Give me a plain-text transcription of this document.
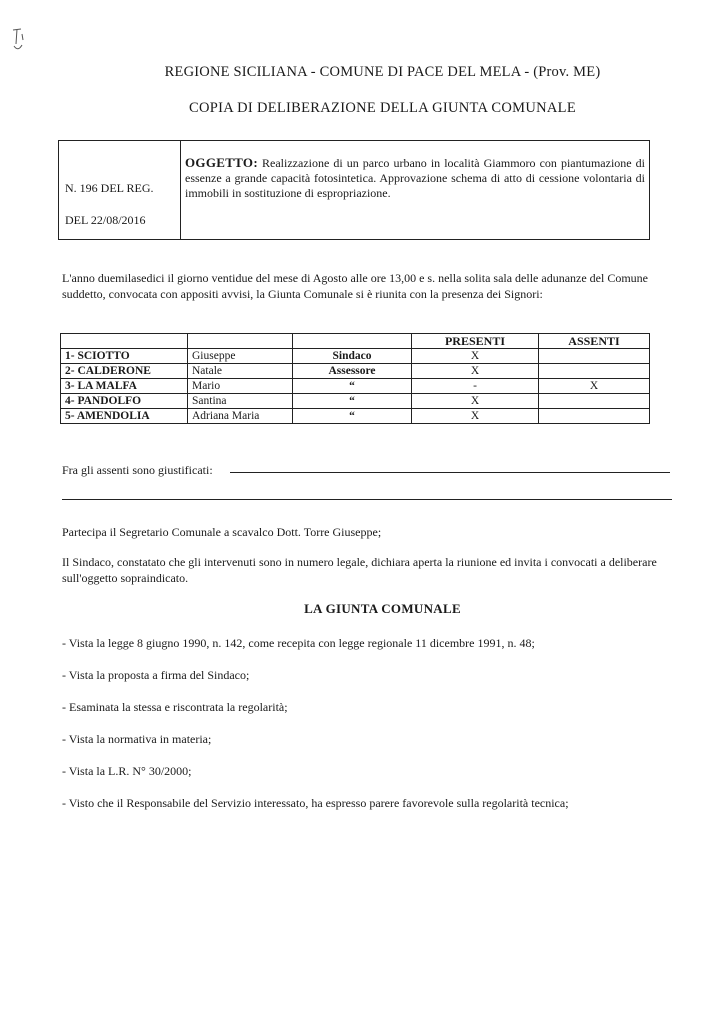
REGIONE SICILIANA - COMUNE DI PACE DEL MELA - (Prov. ME)
COPIA DI DELIBERAZIONE DELLA GIUNTA COMUNALE
N. 196 DEL REG.
DEL 22/08/2016
OGGETTO: Realizzazione di un parco urbano in località Giammoro con piantumazione di essenze a grande capacità fotosintetica. Approvazione schema di atto di cessione volontaria di immobili in sostituzione di espropriazione.
L'anno duemilasedici il giorno ventidue del mese di Agosto alle ore 13,00 e s. nella solita sala delle adunanze del Comune suddetto, convocata con appositi avvisi, la Giunta Comunale si è riunita con la presenza dei Signori:
			PRESENTI	ASSENTI
1- SCIOTTO	Giuseppe	Sindaco	X	
2- CALDERONE	Natale	Assessore	X	
3- LA MALFA	Mario	“	-	X
4- PANDOLFO	Santina	“	X	
5- AMENDOLIA	Adriana Maria	“	X	
Fra gli assenti sono giustificati:
Partecipa il Segretario Comunale a scavalco Dott. Torre Giuseppe;
Il Sindaco, constatato che gli intervenuti sono in numero legale, dichiara aperta la riunione ed invita i convocati a deliberare sull'oggetto sopraindicato.
LA GIUNTA COMUNALE
- Vista la legge 8 giugno 1990, n. 142, come recepita con legge regionale 11 dicembre 1991, n. 48;
- Vista la proposta a firma del Sindaco;
- Esaminata la stessa e riscontrata la regolarità;
- Vista la normativa in materia;
- Vista la L.R. N° 30/2000;
- Visto che il Responsabile del Servizio interessato, ha espresso parere favorevole sulla regolarità tecnica;
